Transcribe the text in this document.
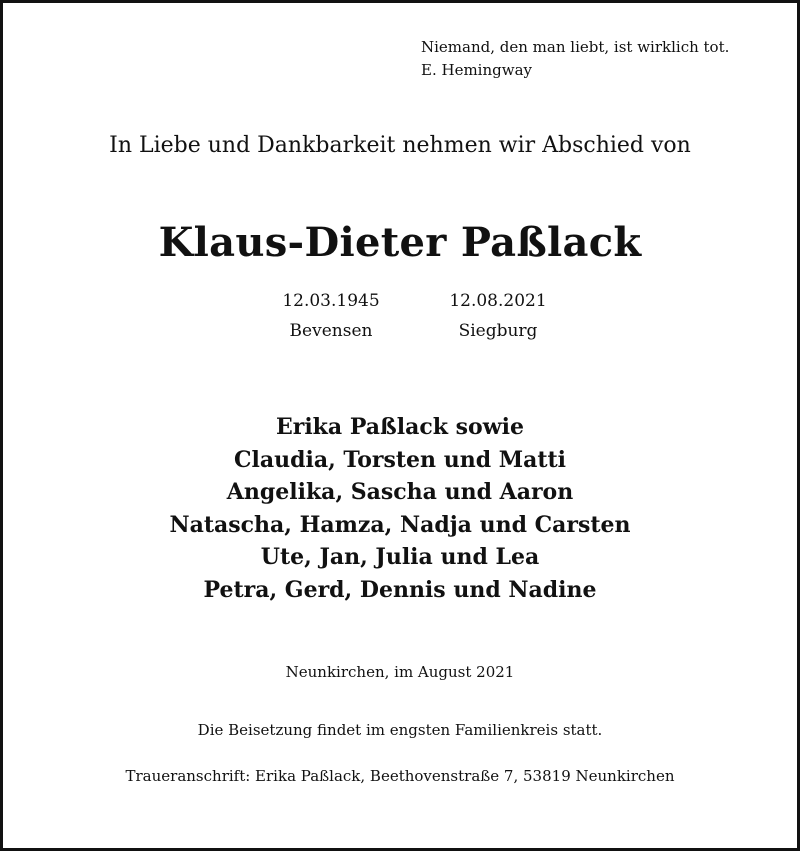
Niemand, den man liebt, ist wirklich tot.
E. Hemingway
In Liebe und Dankbarkeit nehmen wir Abschied von
Klaus-Dieter Paßlack
12.03.1945	12.08.2021
Bevensen	Siegburg
Erika Paßlack sowie
Claudia, Torsten und Matti
Angelika, Sascha und Aaron
Natascha, Hamza, Nadja und Carsten
Ute, Jan, Julia und Lea
Petra, Gerd, Dennis und Nadine
Neunkirchen, im August 2021
Die Beisetzung findet im engsten Familienkreis statt.
Traueranschrift: Erika Paßlack, Beethovenstraße 7, 53819 Neunkirchen
